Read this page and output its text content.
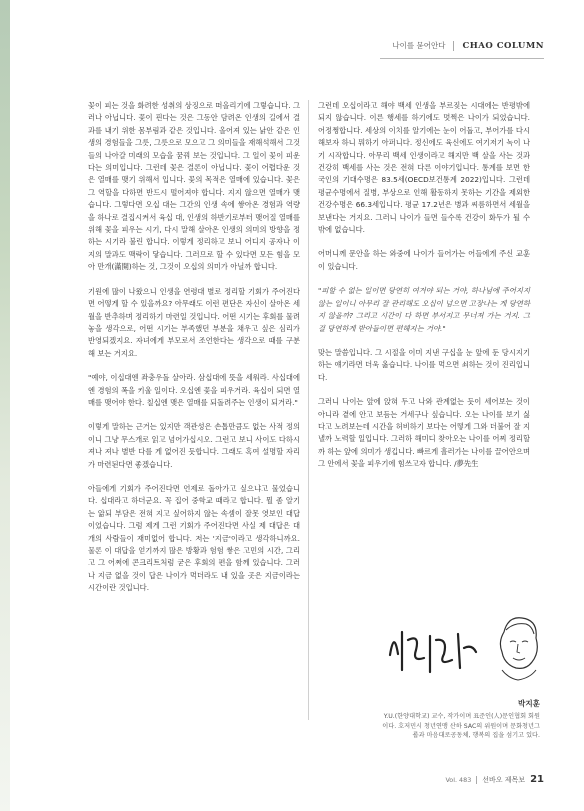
나이를 묻어안다 CHAO COLUMN

꽃이 피는 것을 화려한 성취의 상징으로 떠올리기에 그렇습니다. 그러나 아닙니다. 꽃이 핀다는 것은 그동안 담려온 인생의 길에서 결과를 내기 위한 몸부림과 같은 것입니다. 올어져 있는 낡안 같은 인생의 경험들을 그릇, 그릇으로 모으고 그 의미들을 재해석해서 그것들의 나아갈 미래의 모습을 꿈꿔 보는 것입니다. 그 일이 꽃이 피운다는 의미입니다. 그런데 꽃은 결론이 아닙니다. 꽃이 어렵다운 것은 열매를 맺기 위해서 입니다. 꽃의 목적은 열매에 있습니다. 꽃은 그 역할을 다하면 반드시 떨어져야 합니다. 지지 않으면 열매가 맺습니다. 그렇다면 오십 대는 그간의 인생 속에 쌓아온 경험과 역량을 하나로 결집시켜서 육십 대, 인생의 하반기로부터 맺어질 열매를 위해 꽃을 피우는 시기, 다시 말해 살아온 인생의 의미의 방향을 정하는 시기라 불린 합니다. 이렇게 정리하고 보니 어디지 공자나 이지의 말과도 맥락이 닿습니다. 그러므로 할 수 있다면 모든 힘을 모아 만개(滿開)하는 것, 그것이 오십의 의미가 아닐까 합니다.

기원에 많이 나왔으니 인생을 연령대 별로 정리할 기회가 주어진다면 어떻게 할 수 있을까요? 아무래도 이런 편단은 자신이 살아온 세월을 반추하며 정리하기 마련일 것입니다. 어떤 시기는 후회를 물려놓을 생각으로, 어떤 시기는 부족했던 부분을 채우고 싶은 심리가 반영되겠지요. 자녀에게 부모로서 조언한다는 생각으로 때를 구분해 보는 거지요.

"예야, 이십대엔 좌충우돌 살아라. 삼십대에 뜻을 세워라. 사십대에엔 경험의 폭을 키울 일이다. 오십엔 꽃을 피우거라. 육십이 되면 열매를 맺어야 한다. 칠십엔 맺은 열매를 되돌려주는 인생이 되거라."

이렇게 말하는 근거는 있지만 객관성은 손톱만큼도 없는 사적 정의이니 그냥 무스개로 읽고 넘어가십시오. 그런고 보니 사이도 다하시 져나 져나 별반 다를 게 없어진 듯합니다. 그래도 혹여 설명할 자리가 마련된다면 좋겠습니다.

아들에게 기회가 주어진다면 언제로 돌아가고 싶으냐고 물었습니다. 십대라고 하더군요. 꼭 집어 중학교 때라고 합니다. 뭘 좀 알기는 앎되 부담은 전혀 지고 싶어하지 않는 속셈이 잘못 엿보인 대답이었습니다. 그럼 제게 그런 기회가 주어진다면 사실 제 대답은 대개의 사람들이 재미없어 합니다. 저는 '지금'이라고 생각하니까요. 물론 이 대답을 얻기까지 많은 방황과 험험 쌓은 고민의 시간, 그리고 그 어쩌에 콘크리트처럼 굳은 후회의 편을 함께 있습니다. 그러나 지금 없을 것이 답은 나이가 먹더라도 내 있을 곳은 지금이라는 시간이란 것입니다.

그런데 오십이라고 해야 백세 인생을 부르짖는 시대에는 반평밖에 되지 않습니다. 이른 행세를 하기에도 멋쩍은 나이가 되었습니다. 어정쩡합니다. 세상의 이치를 알기에는 눈이 어둡고, 부어가를 다시 해보자 하니 뭐하기 아퍼니다. 정신에도 육신에도 여기저기 녹이 나기 시작합니다. 아무리 백세 인생이라고 해지만 백 살을 사는 것과 건강히 백세를 사는 것은 전혀 다른 이야기입니다. 통계를 보면 한국인의 기대수명은 83.5세(OECD보건통계 2022)입니다. 그런데 평균수명에서 질병, 부상으로 인해 활동하지 못하는 기간을 제외한 건강수명은 66.3세입니다. 평균 17.2년은 병과 씨름하면서 세월을 보낸다는 거지요. 그러니 나이가 들면 들수록 건강이 화두가 될 수밖에 없습니다.

어머니께 문안을 하는 와중에 나이가 들어가는 어들에게 주신 교훈이 있습니다.

"피할 수 없는 일이면 당연히 여겨야 되는 거야, 하나님에 주어지지 않는 일이니 아무리 잘 관리해도 오십이 넘으면 고장나는 게 당연하지 않을까? 그리고 시간이 다 하면 부서지고 무너져 가는 거지. 그걸 당연하게 받아들이면 편해지는 거야."

맞는 말씀입니다. 그 시절을 이미 지낸 구십을 눈 앞에 둔 당시지기 하는 얘기라면 더욱 옳습니다. 나이를 먹으면 쇠하는 것이 진리입니다.

그러니 나이는 앞에 앉혀 두고 나와 관계없는 듯이 세어보는 것이 아니라 곁에 안고 보듬는 거세구나 싶습니다. 오는 나이를 보기 싫다고 노려보는데 시간을 허비하기 보다는 어떻게 그와 더불어 잘 지낼까 노력할 일입니다. 그러하 해미디 찾아오는 나이를 어찌 정리할까 하는 앞에 의미가 생깁니다. 빠르게 흘러가는 나이를 끌어안으며 그 안에서 꽃을 피우기에 힘쓰고자 합니다. /夢先生

박지훈
Y.U.(한양대학교) 교수, 작가이며 표준인(人)문인협회 회원이다. 호저민시 청년연맹 산하 SAC의 위원이며 문화청년그룹과 마음대로공동체, 행복의 집을 섬기고 있다.
Vol. 483 선바오 제목보 21
